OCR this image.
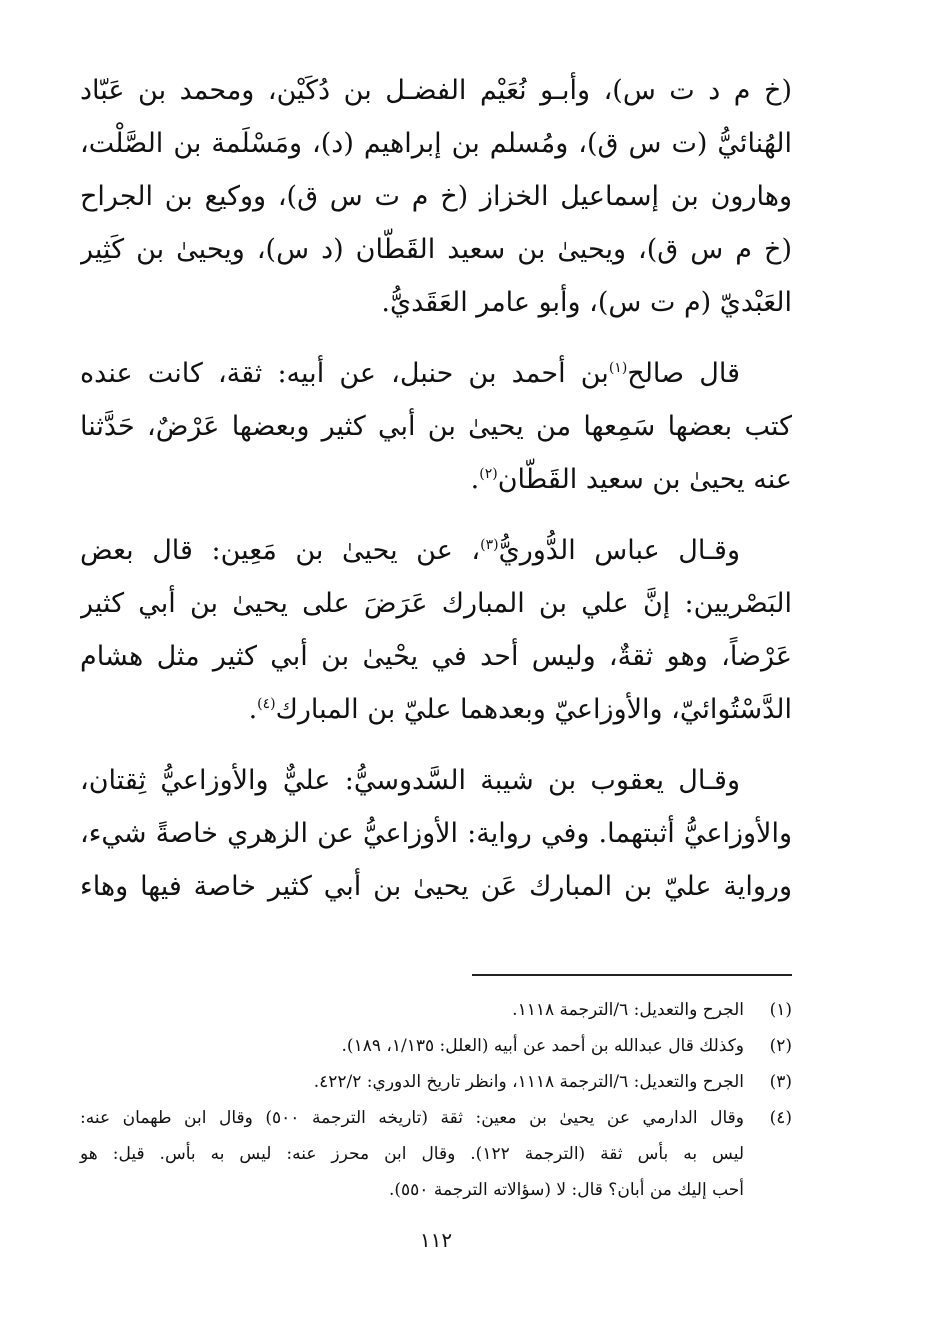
(خ م د ت س)، وأبـو نُعَيْم الفضـل بن دُكَيْن، ومحمد بن عَبّاد
الهُنائيُّ (ت س ق)، ومُسلم بن إبراهيم (د)، ومَسْلَمة بن الصَّلْت،
وهارون بن إسماعيل الخزاز (خ م ت س ق)، ووكيع بن الجراح
(خ م س ق)، ويحيىٰ بن سعيد القَطّان (د س)، ويحيىٰ بن كَثِير
العَبْديّ (م ت س)، وأبو عامر العَقَديُّ.

قال صالح$^{(١)}$بن أحمد بن حنبل، عن أبيه: ثقة، كانت عنده
كتب بعضها سَمِعها من يحيىٰ بن أبي كثير وبعضها عَرْضٌ، حَدَّثنا
عنه يحيىٰ بن سعيد القَطّان$^{(٢)}$.

وقـال عباس الدُّوريُّ$^{(٣)}$، عن يحيىٰ بن مَعِين: قال بعض
البَصْريين: إنَّ علي بن المبارك عَرَضَ على يحيىٰ بن أبي كثير
عَرْضاً، وهو ثقةٌ، وليس أحد في يحْيىٰ بن أبي كثير مثل هشام
الدَّسْتُوائيّ، والأوزاعيّ وبعدهما عليّ بن المبارك$^{(٤)}$.

وقـال يعقوب بن شيبة السَّدوسيُّ: عليٌّ والأوزاعيُّ ثِقتان،
والأوزاعيُّ أثبتهما. وفي رواية: الأوزاعيُّ عن الزهري خاصةً شيء،
ورواية عليّ بن المبارك عَن يحيىٰ بن أبي كثير خاصة فيها وهاء

(١)
الجرح والتعديل: ٦/الترجمة ١١١٨.
(٢)
وكذلك قال عبدالله بن أحمد عن أبيه (العلل: ١/١٣٥، ١٨٩).
(٣)
الجرح والتعديل: ٦/الترجمة ١١١٨، وانظر تاريخ الدوري: ٤٢٢/٢.
(٤)
وقال الدارمي عن يحيىٰ بن معين: ثقة (تاريخه الترجمة ٥٠٠) وقال ابن طهمان عنه:
ليس به بأس ثقة (الترجمة ١٢٢). وقال ابن محرز عنه: ليس به بأس. قيل: هو
أحب إليك من أبان؟ قال: لا (سؤالاته الترجمة ٥٥٠).
١١٢
